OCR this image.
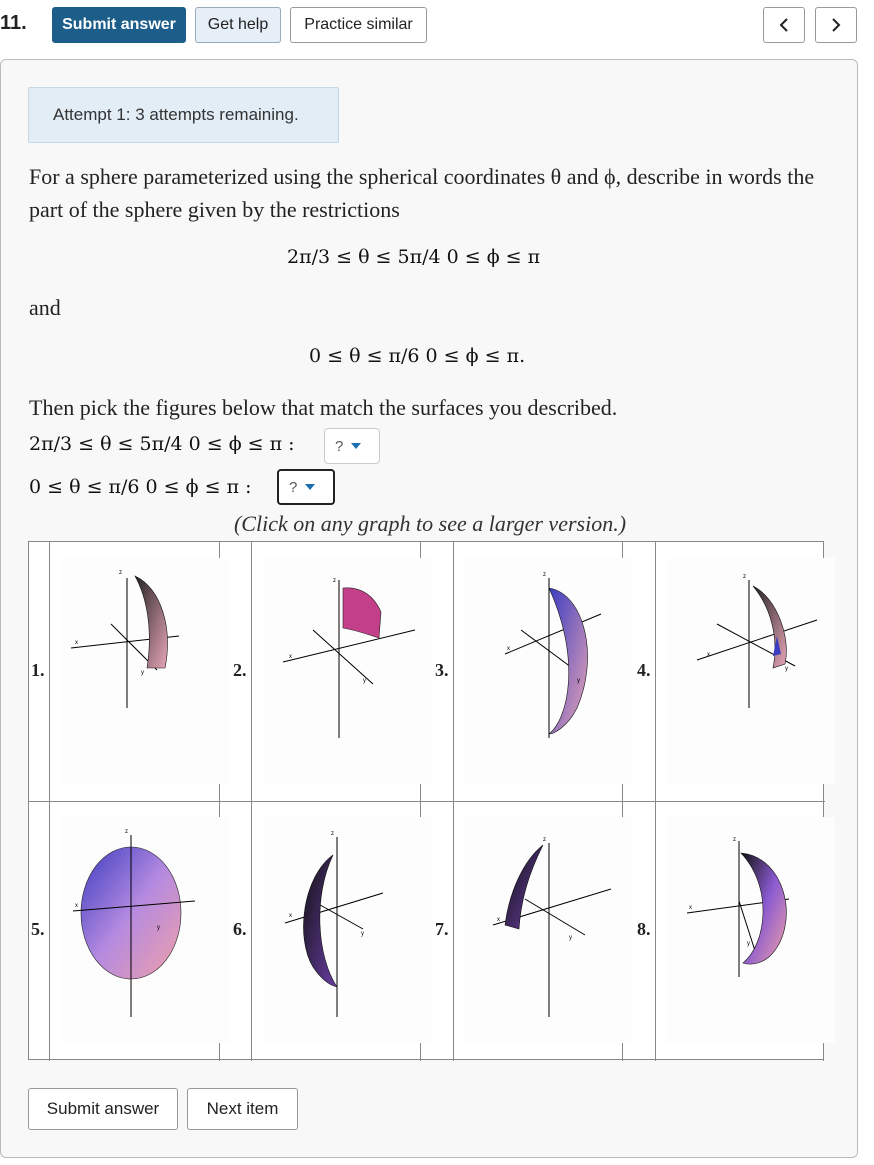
11.	Submit answer	Get help	Practice similar
Attempt 1: 3 attempts remaining.
For a sphere parameterized using the spherical coordinates θ and ϕ, describe in words the part of the sphere given by the restrictions
2π/3 ≤ θ ≤ 5π/4 0 ≤ ϕ ≤ π
and
0 ≤ θ ≤ π/6 0 ≤ ϕ ≤ π.
Then pick the figures below that match the surfaces you described.
2π/3 ≤ θ ≤ 5π/4 0 ≤ ϕ ≤ π :	?
0 ≤ θ ≤ π/6 0 ≤ ϕ ≤ π : ?
(Click on any graph to see a larger version.)
1.
z
x
y	2.
z
x
y
3.
z
x
y
4.
z
x
y
5.
z
x
y	6.
z
x
y	7.
z
x
y	8.
z
x
y
Submit answer	Next item
